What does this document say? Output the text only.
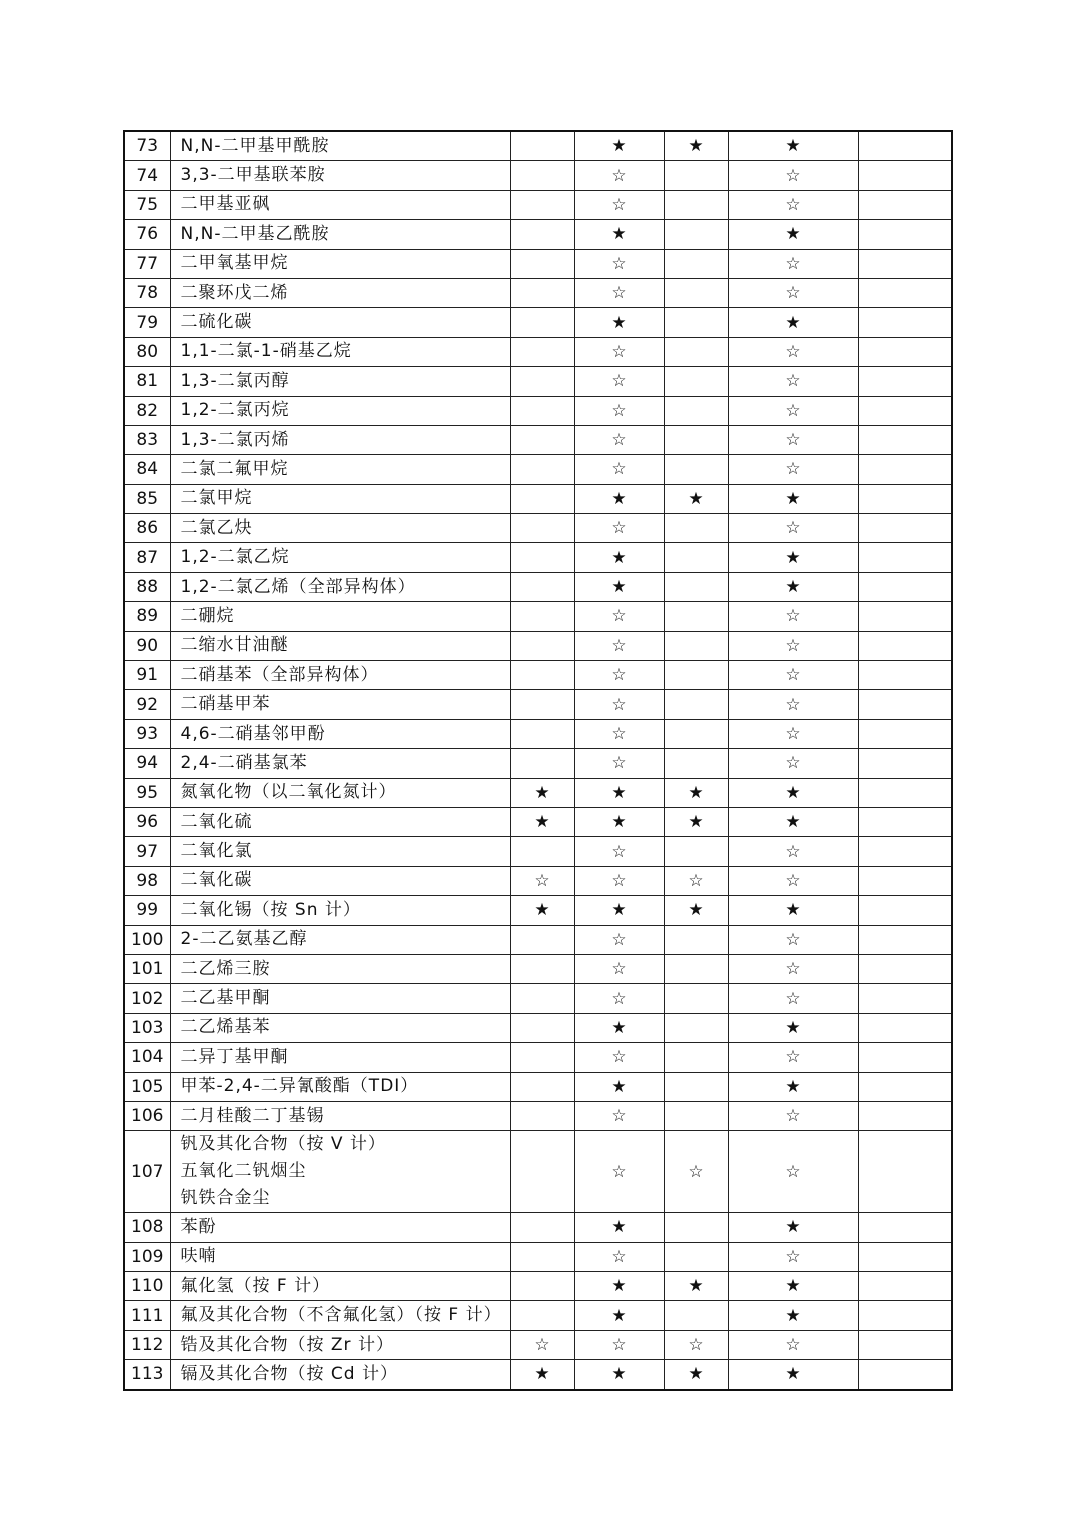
73	N,N-二甲基甲酰胺		★	★	★	
74	3,3-二甲基联苯胺		☆		☆	
75	二甲基亚砜		☆		☆	
76	N,N-二甲基乙酰胺		★		★	
77	二甲氧基甲烷		☆		☆	
78	二聚环戊二烯		☆		☆	
79	二硫化碳		★		★	
80	1,1-二氯-1-硝基乙烷		☆		☆	
81	1,3-二氯丙醇		☆		☆	
82	1,2-二氯丙烷		☆		☆	
83	1,3-二氯丙烯		☆		☆	
84	二氯二氟甲烷		☆		☆	
85	二氯甲烷		★	★	★	
86	二氯乙炔		☆		☆	
87	1,2-二氯乙烷		★		★	
88	1,2-二氯乙烯（全部异构体）		★		★	
89	二硼烷		☆		☆	
90	二缩水甘油醚		☆		☆	
91	二硝基苯（全部异构体）		☆		☆	
92	二硝基甲苯		☆		☆	
93	4,6-二硝基邻甲酚		☆		☆	
94	2,4-二硝基氯苯		☆		☆	
95	氮氧化物（以二氧化氮计）	★	★	★	★	
96	二氧化硫	★	★	★	★	
97	二氧化氯		☆		☆	
98	二氧化碳	☆	☆	☆	☆	
99	二氧化锡（按 Sn 计）	★	★	★	★	
100	2-二乙氨基乙醇		☆		☆	
101	二乙烯三胺		☆		☆	
102	二乙基甲酮		☆		☆	
103	二乙烯基苯		★		★	
104	二异丁基甲酮		☆		☆	
105	甲苯-2,4-二异氰酸酯（TDI）		★		★	
106	二月桂酸二丁基锡		☆		☆	
107	钒及其化合物（按 V 计）
五氧化二钒烟尘
钒铁合金尘		☆	☆	☆	
108	苯酚		★		★	
109	呋喃		☆		☆	
110	氟化氢（按 F 计）		★	★	★	
111	氟及其化合物（不含氟化氢）（按 F 计）		★		★	
112	锆及其化合物（按 Zr 计）	☆	☆	☆	☆	
113	镉及其化合物（按 Cd 计）	★	★	★	★	
